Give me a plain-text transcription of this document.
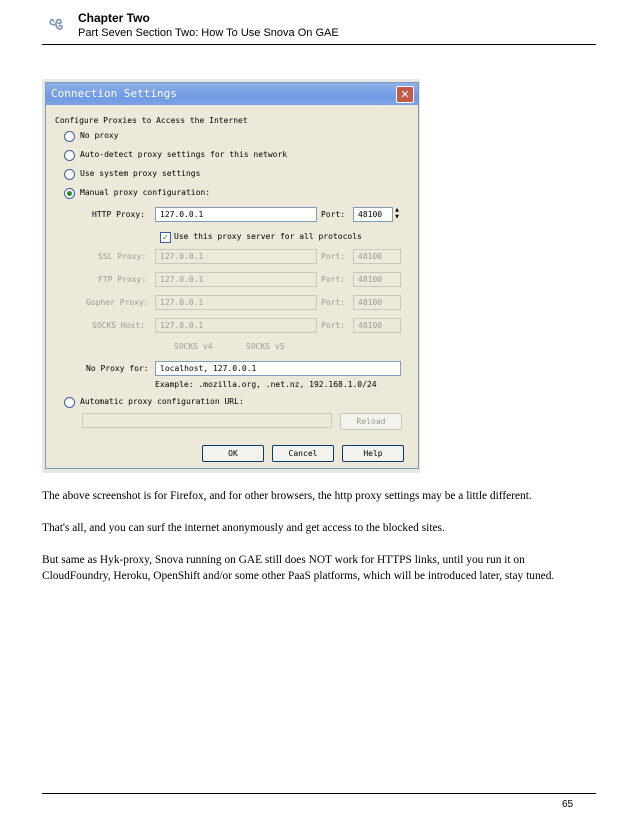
Chapter Two
Part Seven Section Two: How To Use Snova On GAE
Connection Settings	✕
Configure Proxies to Access the Internet
No proxy
Auto-detect proxy settings for this network
Use system proxy settings
Manual proxy configuration:
HTTP Proxy:	127.0.0.1	Port:	48100	▲
▼
✓ Use this proxy server for all protocols
SSL Proxy:	127.0.0.1	Port:	48100
FTP Proxy:	127.0.0.1	Port:	48100
Gopher Proxy:	127.0.0.1	Port:	48100
SOCKS Host:	127.0.0.1	Port:	48100
SOCKS v4	SOCKS v5
No Proxy for:	localhost, 127.0.0.1
Example: .mozilla.org, .net.nz, 192.168.1.0/24
Automatic proxy configuration URL:
Reload
OK	Cancel	Help
The above screenshot is for Firefox, and for other browsers, the http proxy settings may be a little different.
That's all, and you can surf the internet anonymously and get access to the blocked sites.
But same as Hyk-proxy, Snova running on GAE still does NOT work for HTTPS links, until you run it on CloudFoundry, Heroku, OpenShift and/or some other PaaS platforms, which will be introduced later, stay tuned.
65
